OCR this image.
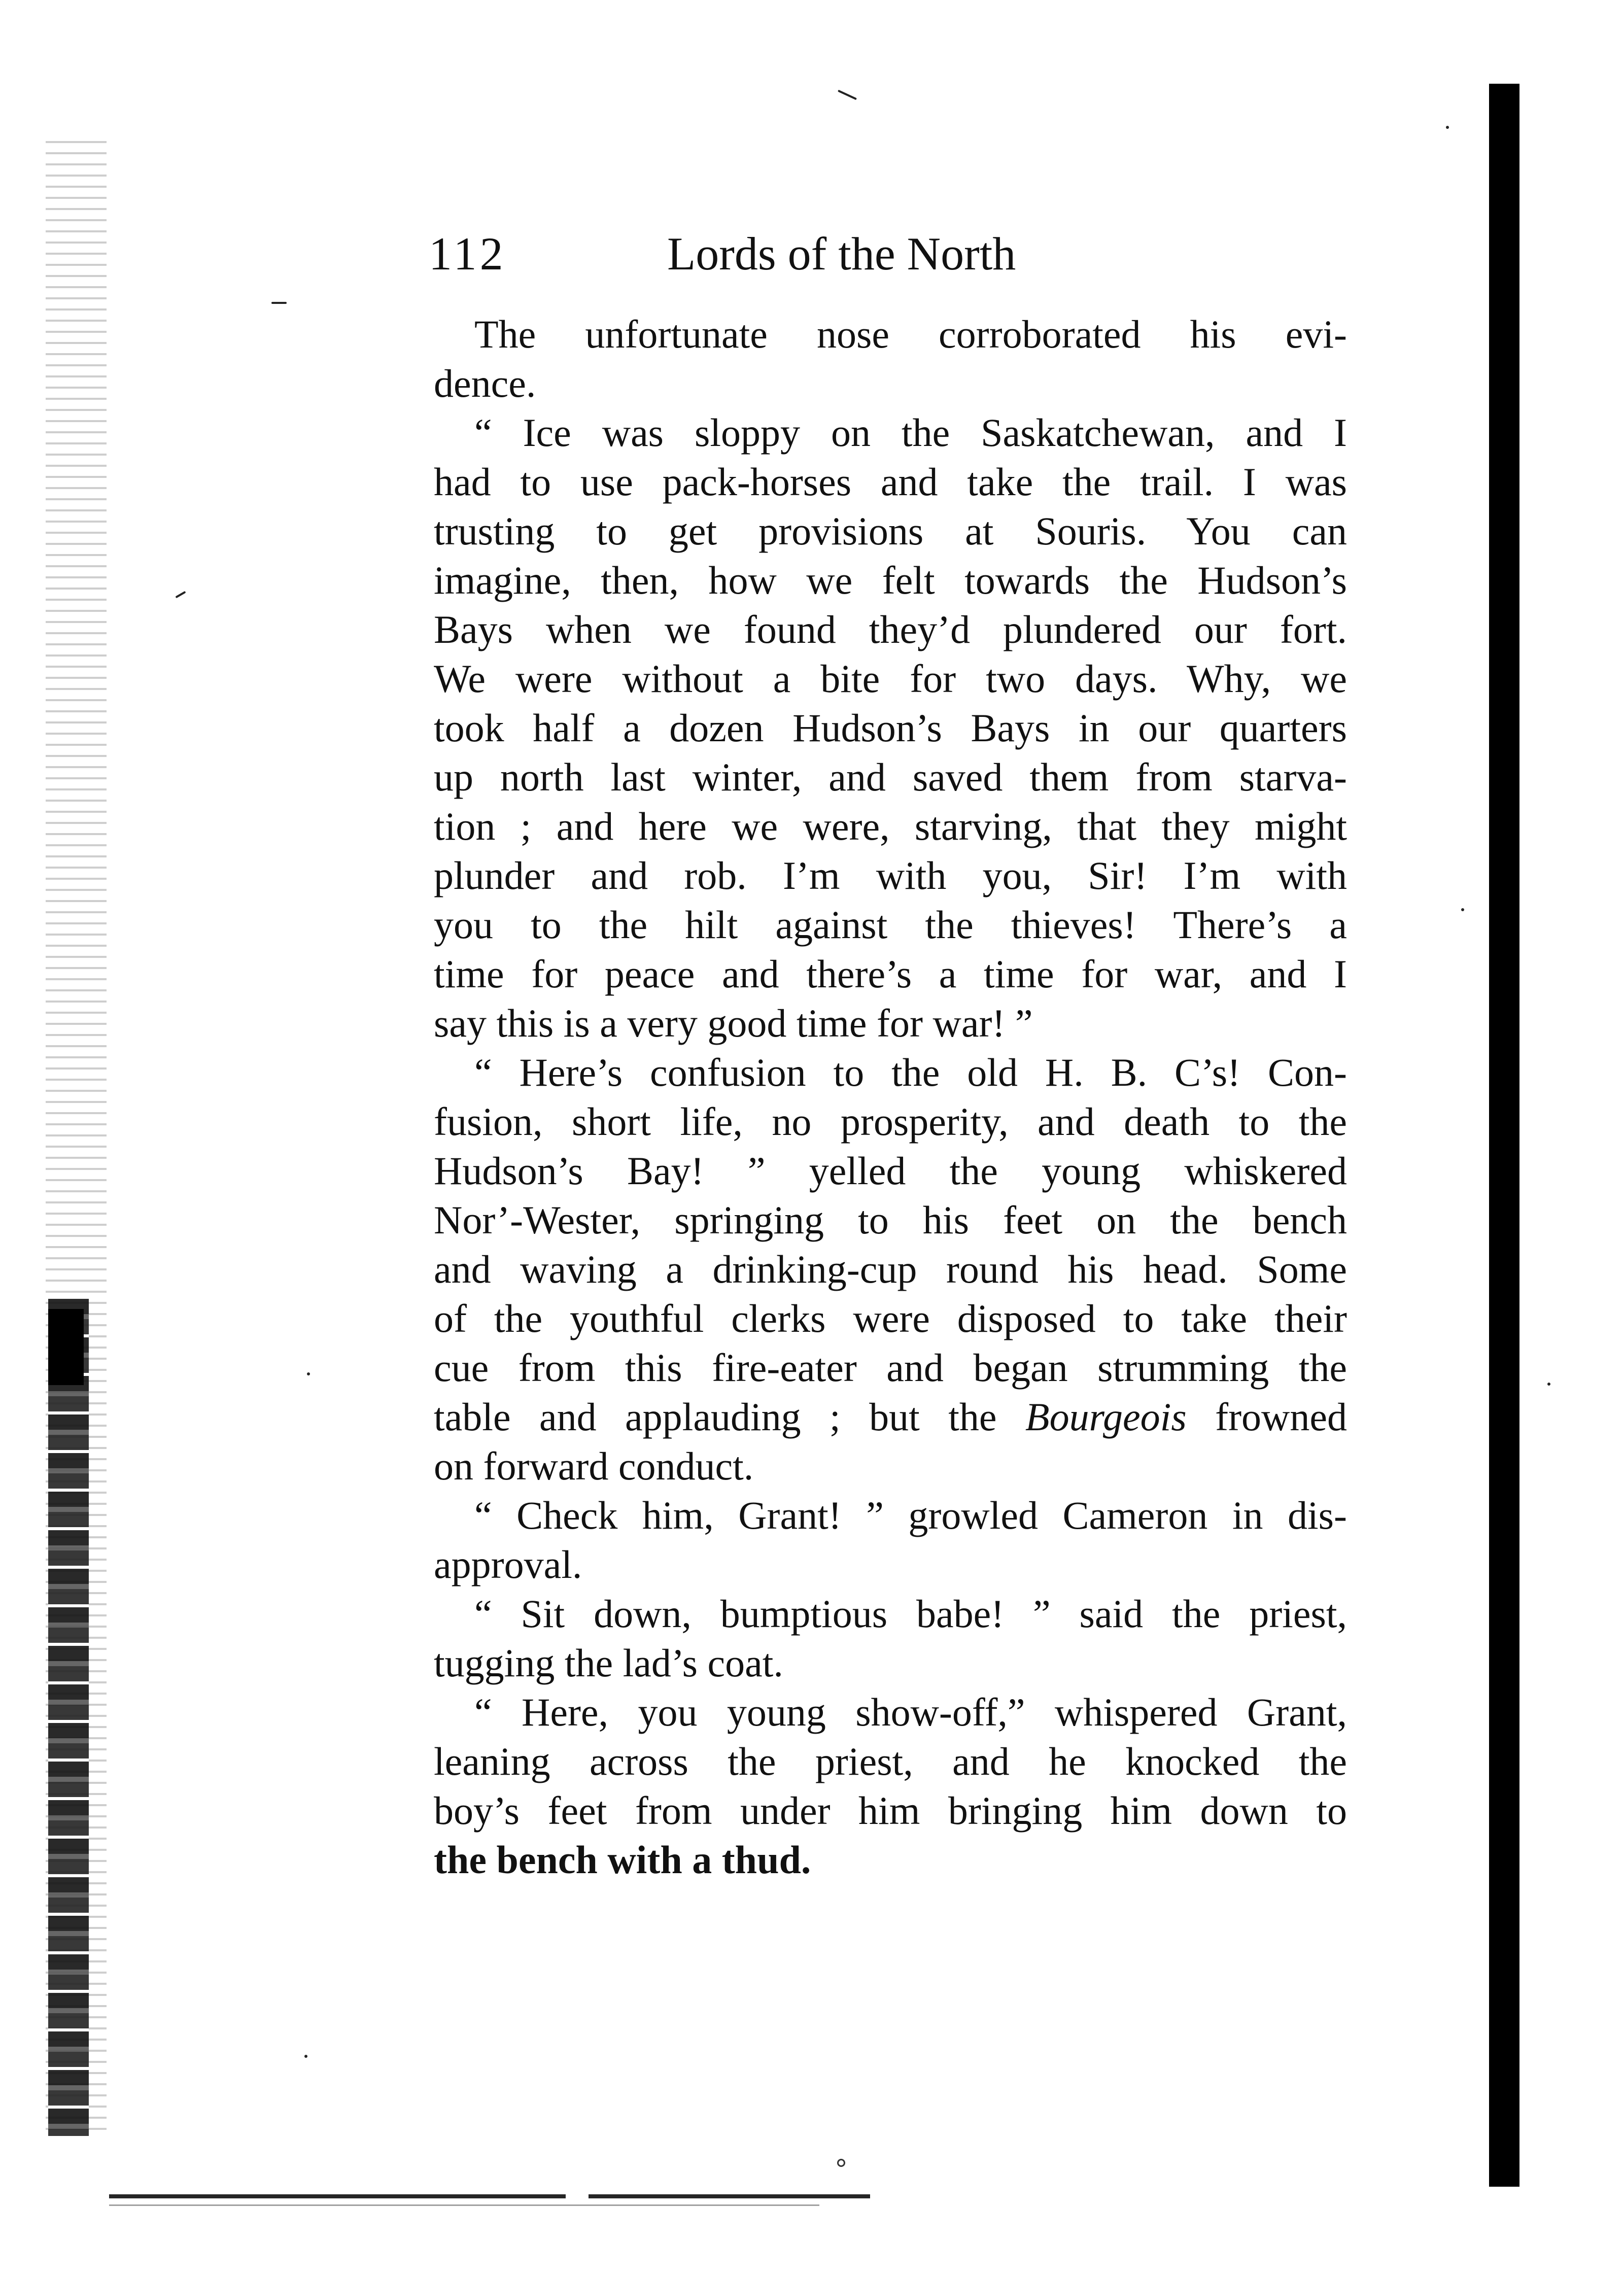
112	Lords of the North
The unfortunate nose corroborated his evi-
dence.
“ Ice was sloppy on the Saskatchewan, and I
had to use pack-horses and take the trail. I was
trusting to get provisions at Souris. You can
imagine, then, how we felt towards the Hudson’s
Bays when we found they’d plundered our fort.
We were without a bite for two days. Why, we
took half a dozen Hudson’s Bays in our quarters
up north last winter, and saved them from starva-
tion ; and here we were, starving, that they might
plunder and rob. I’m with you, Sir! I’m with
you to the hilt against the thieves! There’s a
time for peace and there’s a time for war, and I
say this is a very good time for war! ”
“ Here’s confusion to the old H. B. C’s! Con-
fusion, short life, no prosperity, and death to the
Hudson’s Bay! ” yelled the young whiskered
Nor’-Wester, springing to his feet on the bench
and waving a drinking-cup round his head. Some
of the youthful clerks were disposed to take their
cue from this fire-eater and began strumming the
table and applauding ; but the Bourgeois frowned
on forward conduct.
“ Check him, Grant! ” growled Cameron in dis-
approval.
“ Sit down, bumptious babe! ” said the priest,
tugging the lad’s coat.
“ Here, you young show-off,” whispered Grant,
leaning across the priest, and he knocked the
boy’s feet from under him bringing him down to
the bench with a thud.
